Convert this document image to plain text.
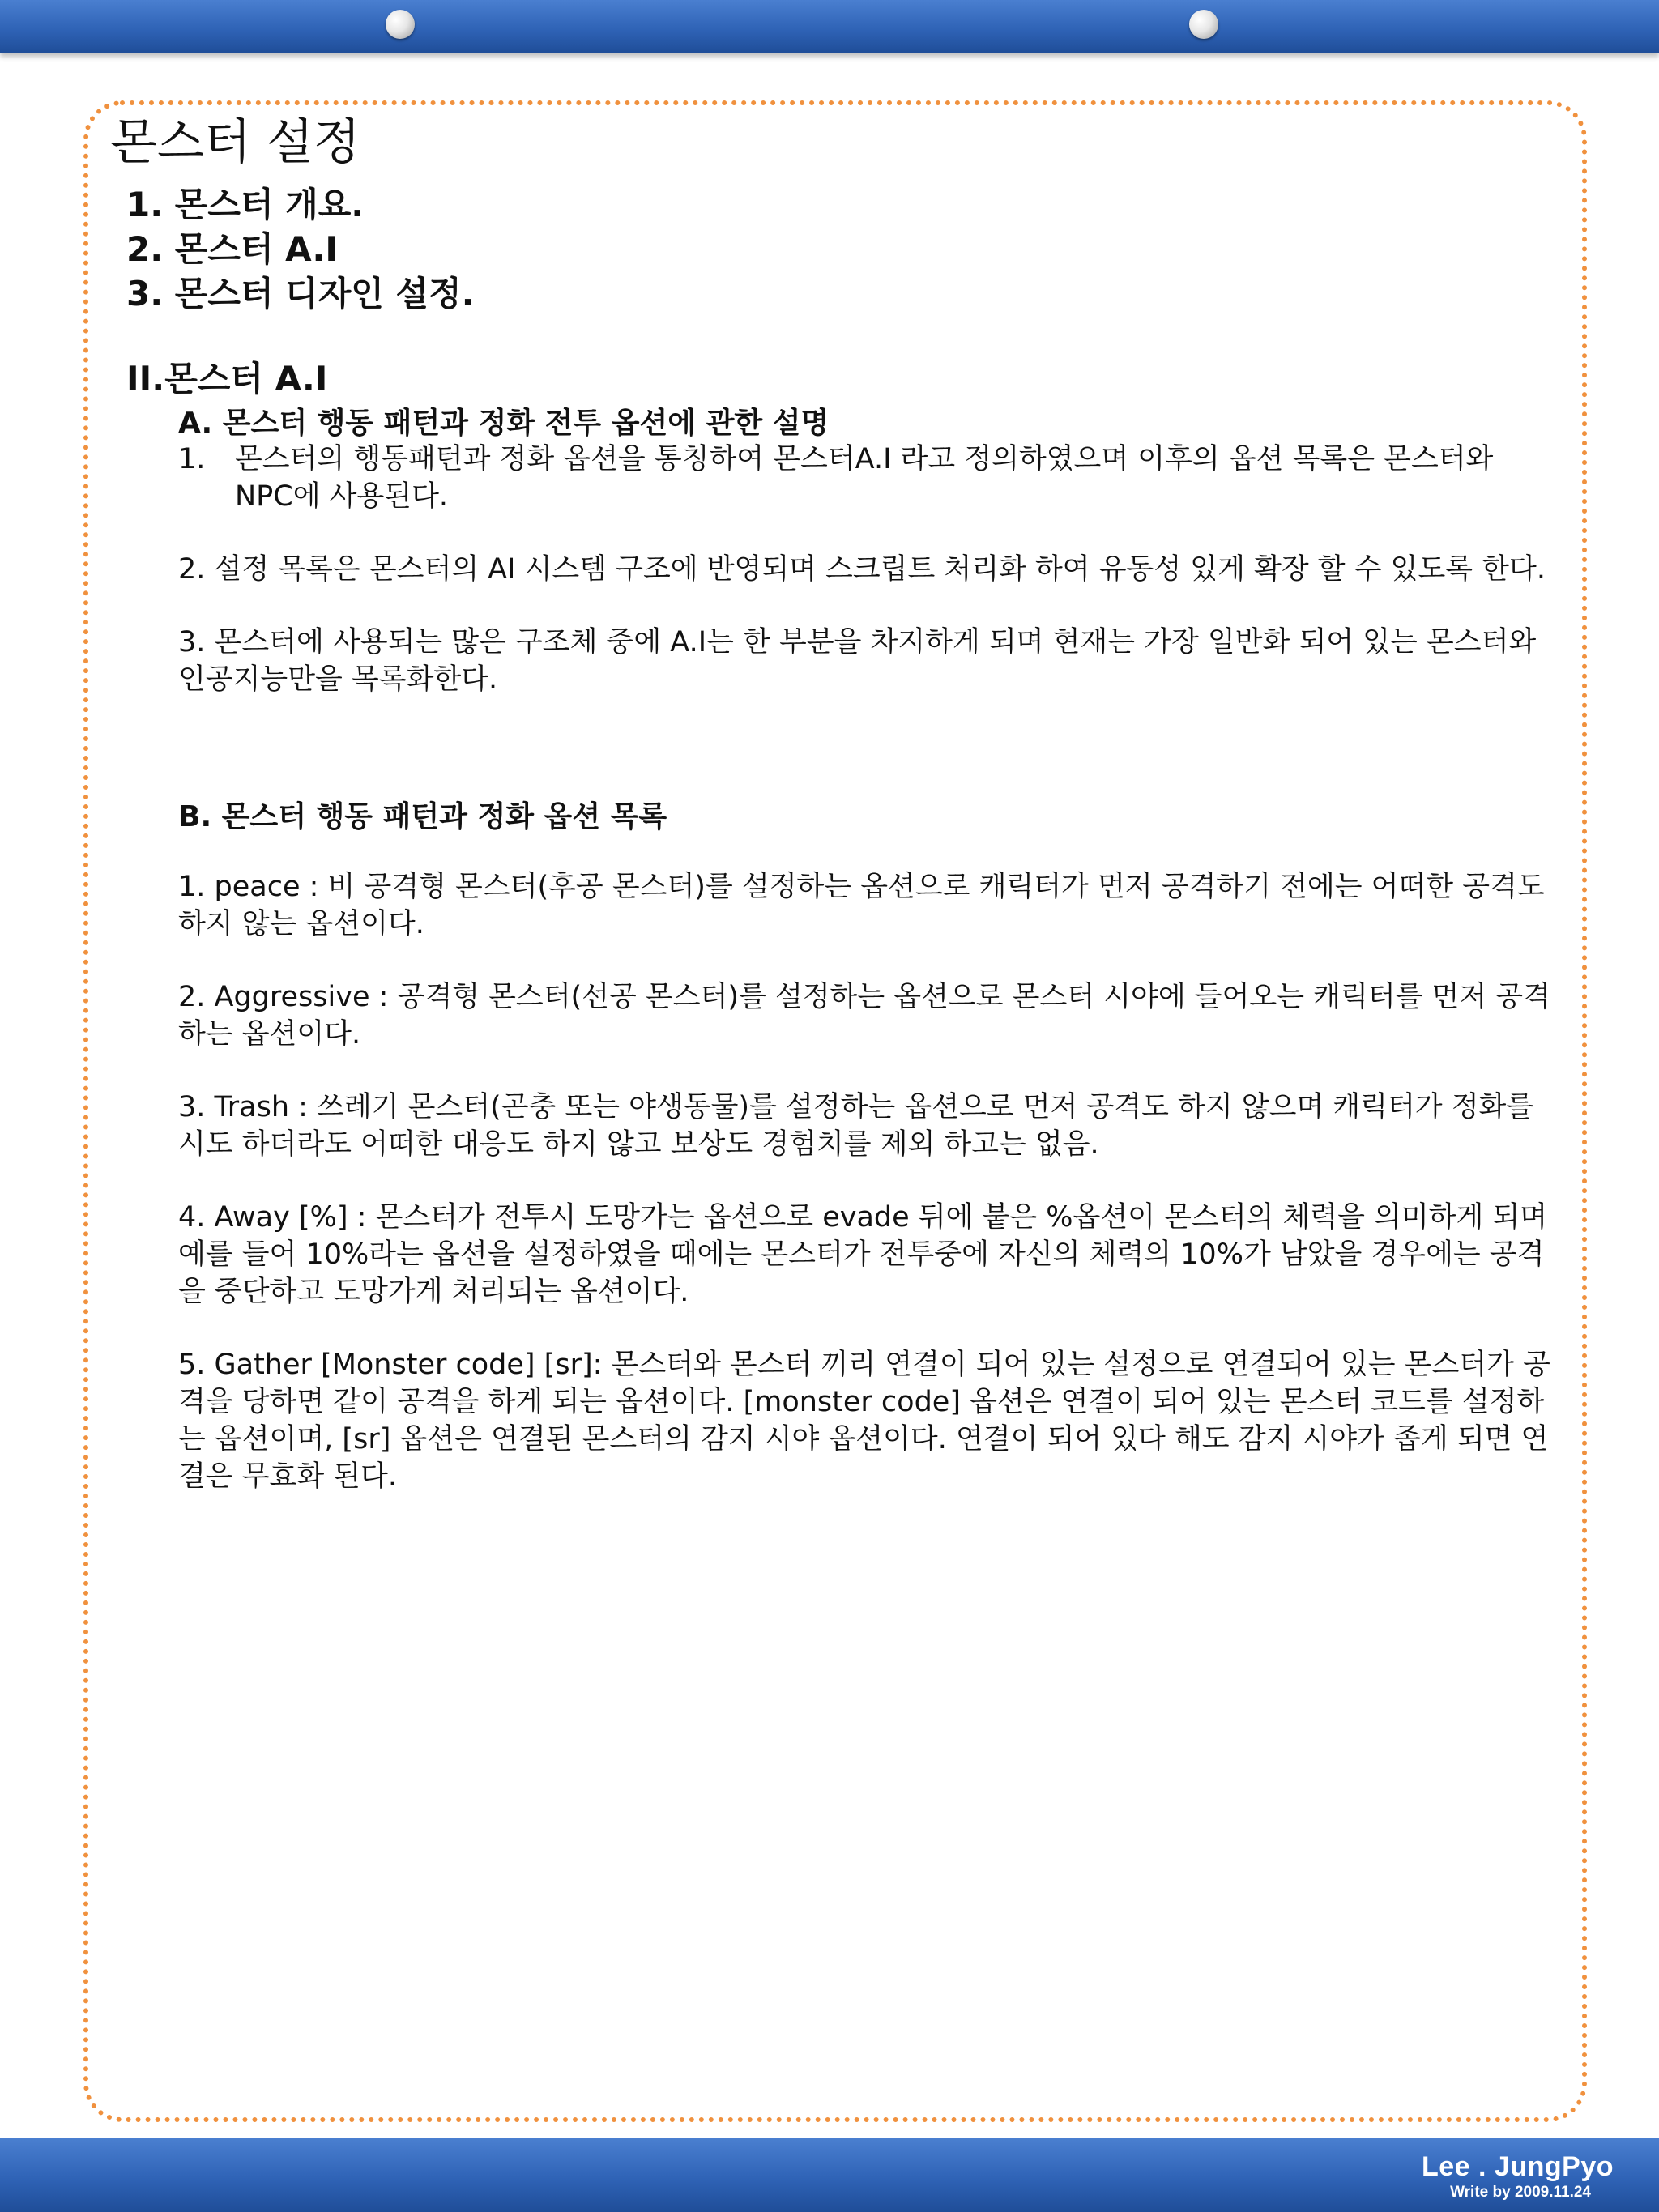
몬스터 설정
1. 몬스터 개요.
2. 몬스터 A.I
3. 몬스터 디자인 설정.
II.몬스터 A.I
A. 몬스터 행동 패턴과 정화 전투 옵션에 관한 설명
1.	몬스터의 행동패턴과 정화 옵션을 통칭하여 몬스터A.I 라고 정의하였으며 이후의 옵션 목록은 몬스터와 NPC에 사용된다.

2. 설정 목록은 몬스터의 AI 시스템 구조에 반영되며 스크립트 처리화 하여 유동성 있게 확장 할 수 있도록 한다.

3. 몬스터에 사용되는 많은 구조체 중에 A.I는 한 부분을 차지하게 되며 현재는 가장 일반화 되어 있는 몬스터와 인공지능만을 목록화한다.

B. 몬스터 행동 패턴과 정화 옵션 목록

1. peace : 비 공격형 몬스터(후공 몬스터)를 설정하는 옵션으로 캐릭터가 먼저 공격하기 전에는 어떠한 공격도 하지 않는 옵션이다.

2. Aggressive : 공격형 몬스터(선공 몬스터)를 설정하는 옵션으로 몬스터 시야에 들어오는 캐릭터를 먼저 공격하는 옵션이다.

3. Trash : 쓰레기 몬스터(곤충 또는 야생동물)를 설정하는 옵션으로 먼저 공격도 하지 않으며 캐릭터가 정화를 시도 하더라도 어떠한 대응도 하지 않고 보상도 경험치를 제외 하고는 없음.

4. Away [%] : 몬스터가 전투시 도망가는 옵션으로 evade 뒤에 붙은 %옵션이 몬스터의 체력을 의미하게 되며 예를 들어 10%라는 옵션을 설정하였을 때에는 몬스터가 전투중에 자신의 체력의 10%가 남았을 경우에는 공격을 중단하고 도망가게 처리되는 옵션이다.

5. Gather [Monster code] [sr]: 몬스터와 몬스터 끼리 연결이 되어 있는 설정으로 연결되어 있는 몬스터가 공격을 당하면 같이 공격을 하게 되는 옵션이다. [monster code] 옵션은 연결이 되어 있는 몬스터 코드를 설정하는 옵션이며, [sr] 옵션은 연결된 몬스터의 감지 시야 옵션이다. 연결이 되어 있다 해도 감지 시야가 좁게 되면 연결은 무효화 된다.

Lee . JungPyo
Write by 2009.11.24
